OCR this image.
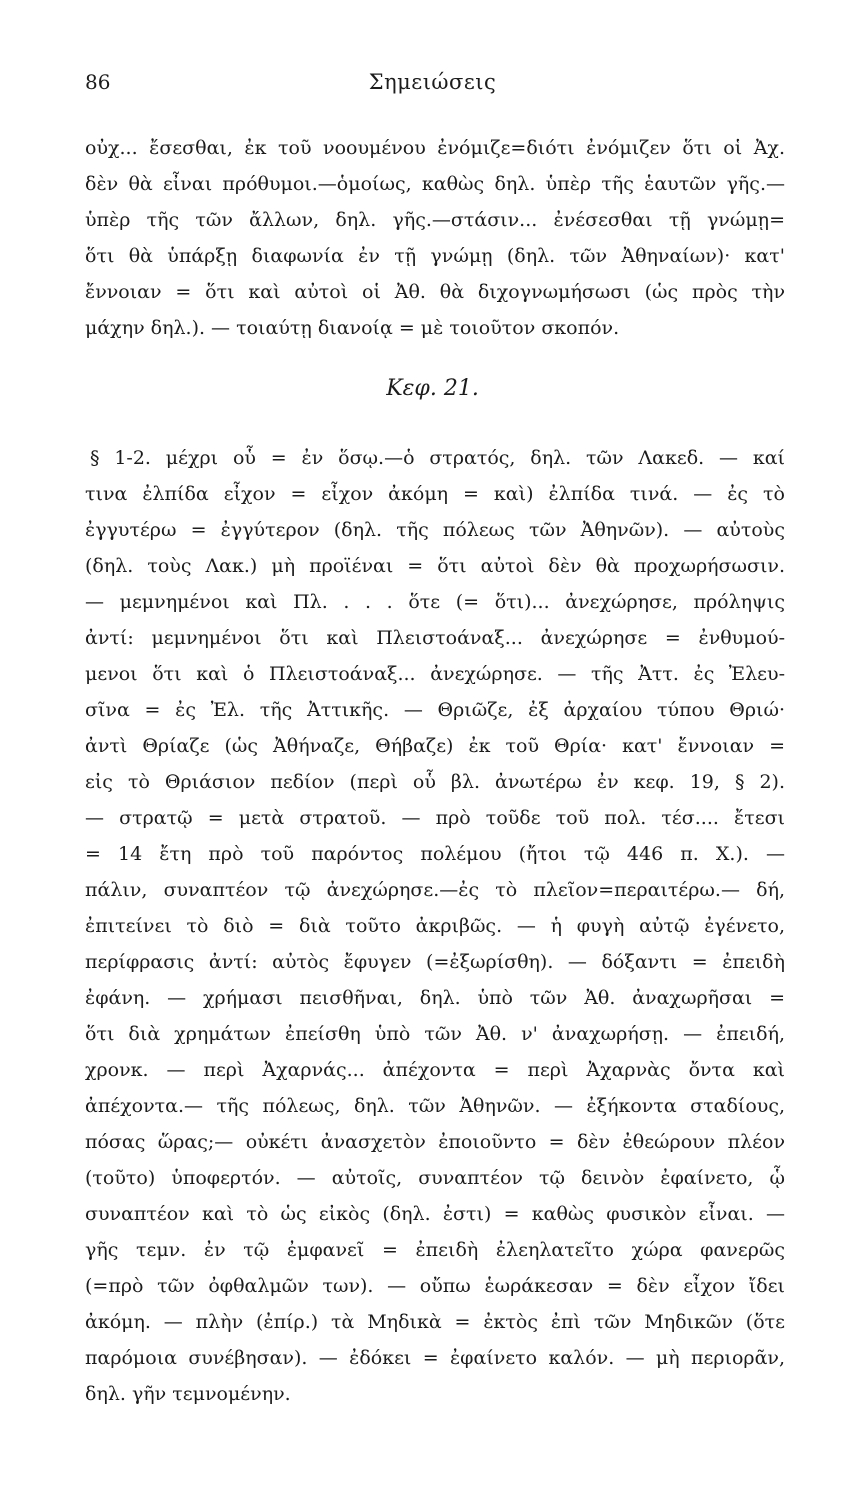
86	Σημειώσεις
οὐχ... ἔσεσθαι, ἐκ τοῦ νοουμένου ἐνόμιζε=διότι ἐνόμιζεν ὅτι οἱ Ἀχ.
δὲν θὰ εἶναι πρόθυμοι.—ὁμοίως, καθὼς δηλ. ὑπὲρ τῆς ἑαυτῶν γῆς.—
ὑπὲρ τῆς τῶν ἄλλων, δηλ. γῆς.—στάσιν... ἐνέσεσθαι τῇ γνώμῃ=
ὅτι θὰ ὑπάρξῃ διαφωνία ἐν τῇ γνώμῃ (δηλ. τῶν Ἀθηναίων)· κατ'
ἔννοιαν = ὅτι καὶ αὐτοὶ οἱ Ἀθ. θὰ διχογνωμήσωσι (ὡς πρὸς τὴν
μάχην δηλ.). — τοιαύτῃ διανοίᾳ = μὲ τοιοῦτον σκοπόν.
Κεφ. 21.
§ 1-2. μέχρι οὗ = ἐν ὅσῳ.—ὁ στρατός, δηλ. τῶν Λακεδ. — καί
τινα ἐλπίδα εἶχον = εἶχον ἀκόμη = καὶ) ἐλπίδα τινά. — ἐς τὸ
ἐγγυτέρω = ἐγγύτερον (δηλ. τῆς πόλεως τῶν Ἀθηνῶν). — αὐτοὺς
(δηλ. τοὺς Λακ.) μὴ προϊέναι = ὅτι αὐτοὶ δὲν θὰ προχωρήσωσιν.
— μεμνημένοι καὶ Πλ. . . . ὅτε (= ὅτι)... ἀνεχώρησε, πρόληψις
ἀντί: μεμνημένοι ὅτι καὶ Πλειστοάναξ... ἀνεχώρησε = ἐνθυμού-
μενοι ὅτι καὶ ὁ Πλειστοάναξ... ἀνεχώρησε. — τῆς Ἀττ. ἐς Ἐλευ-
σῖνα = ἐς Ἐλ. τῆς Ἀττικῆς. — Θριῶζε, ἐξ ἀρχαίου τύπου Θριώ·
ἀντὶ Θρίαζε (ὡς Ἀθήναζε, Θήβαζε) ἐκ τοῦ Θρία· κατ' ἔννοιαν =
εἰς τὸ Θριάσιον πεδίον (περὶ οὗ βλ. ἀνωτέρω ἐν κεφ. 19, § 2).
— στρατῷ = μετὰ στρατοῦ. — πρὸ τοῦδε τοῦ πολ. τέσ.... ἔτεσι
= 14 ἔτη πρὸ τοῦ παρόντος πολέμου (ἤτοι τῷ 446 π. Χ.). —
πάλιν, συναπτέον τῷ ἀνεχώρησε.—ἐς τὸ πλεῖον=περαιτέρω.— δή,
ἐπιτείνει τὸ διὸ = διὰ τοῦτο ἀκριβῶς. — ἡ φυγὴ αὐτῷ ἐγένετο,
περίφρασις ἀντί: αὐτὸς ἔφυγεν (=ἐξωρίσθη). — δόξαντι = ἐπειδὴ
ἐφάνη. — χρήμασι πεισθῆναι, δηλ. ὑπὸ τῶν Ἀθ. ἀναχωρῆσαι =
ὅτι διὰ χρημάτων ἐπείσθη ὑπὸ τῶν Ἀθ. ν' ἀναχωρήσῃ. — ἐπειδή,
χρονκ. — περὶ Ἀχαρνάς... ἀπέχοντα = περὶ Ἀχαρνὰς ὄντα καὶ
ἀπέχοντα.— τῆς πόλεως, δηλ. τῶν Ἀθηνῶν. — ἐξήκοντα σταδίους,
πόσας ὥρας;— οὐκέτι ἀνασχετὸν ἐποιοῦντο = δὲν ἐθεώρουν πλέον
(τοῦτο) ὑποφερτόν. — αὐτοῖς, συναπτέον τῷ δεινὸν ἐφαίνετο, ᾧ
συναπτέον καὶ τὸ ὡς εἰκὸς (δηλ. ἐστι) = καθὼς φυσικὸν εἶναι. —
γῆς τεμν. ἐν τῷ ἐμφανεῖ = ἐπειδὴ ἐλεηλατεῖτο χώρα φανερῶς
(=πρὸ τῶν ὀφθαλμῶν των). — οὔπω ἑωράκεσαν = δὲν εἶχον ἴδει
ἀκόμη. — πλὴν (ἐπίρ.) τὰ Μηδικὰ = ἐκτὸς ἐπὶ τῶν Μηδικῶν (ὅτε
παρόμοια συνέβησαν). — ἐδόκει = ἐφαίνετο καλόν. — μὴ περιορᾶν,
δηλ. γῆν τεμνομένην.
